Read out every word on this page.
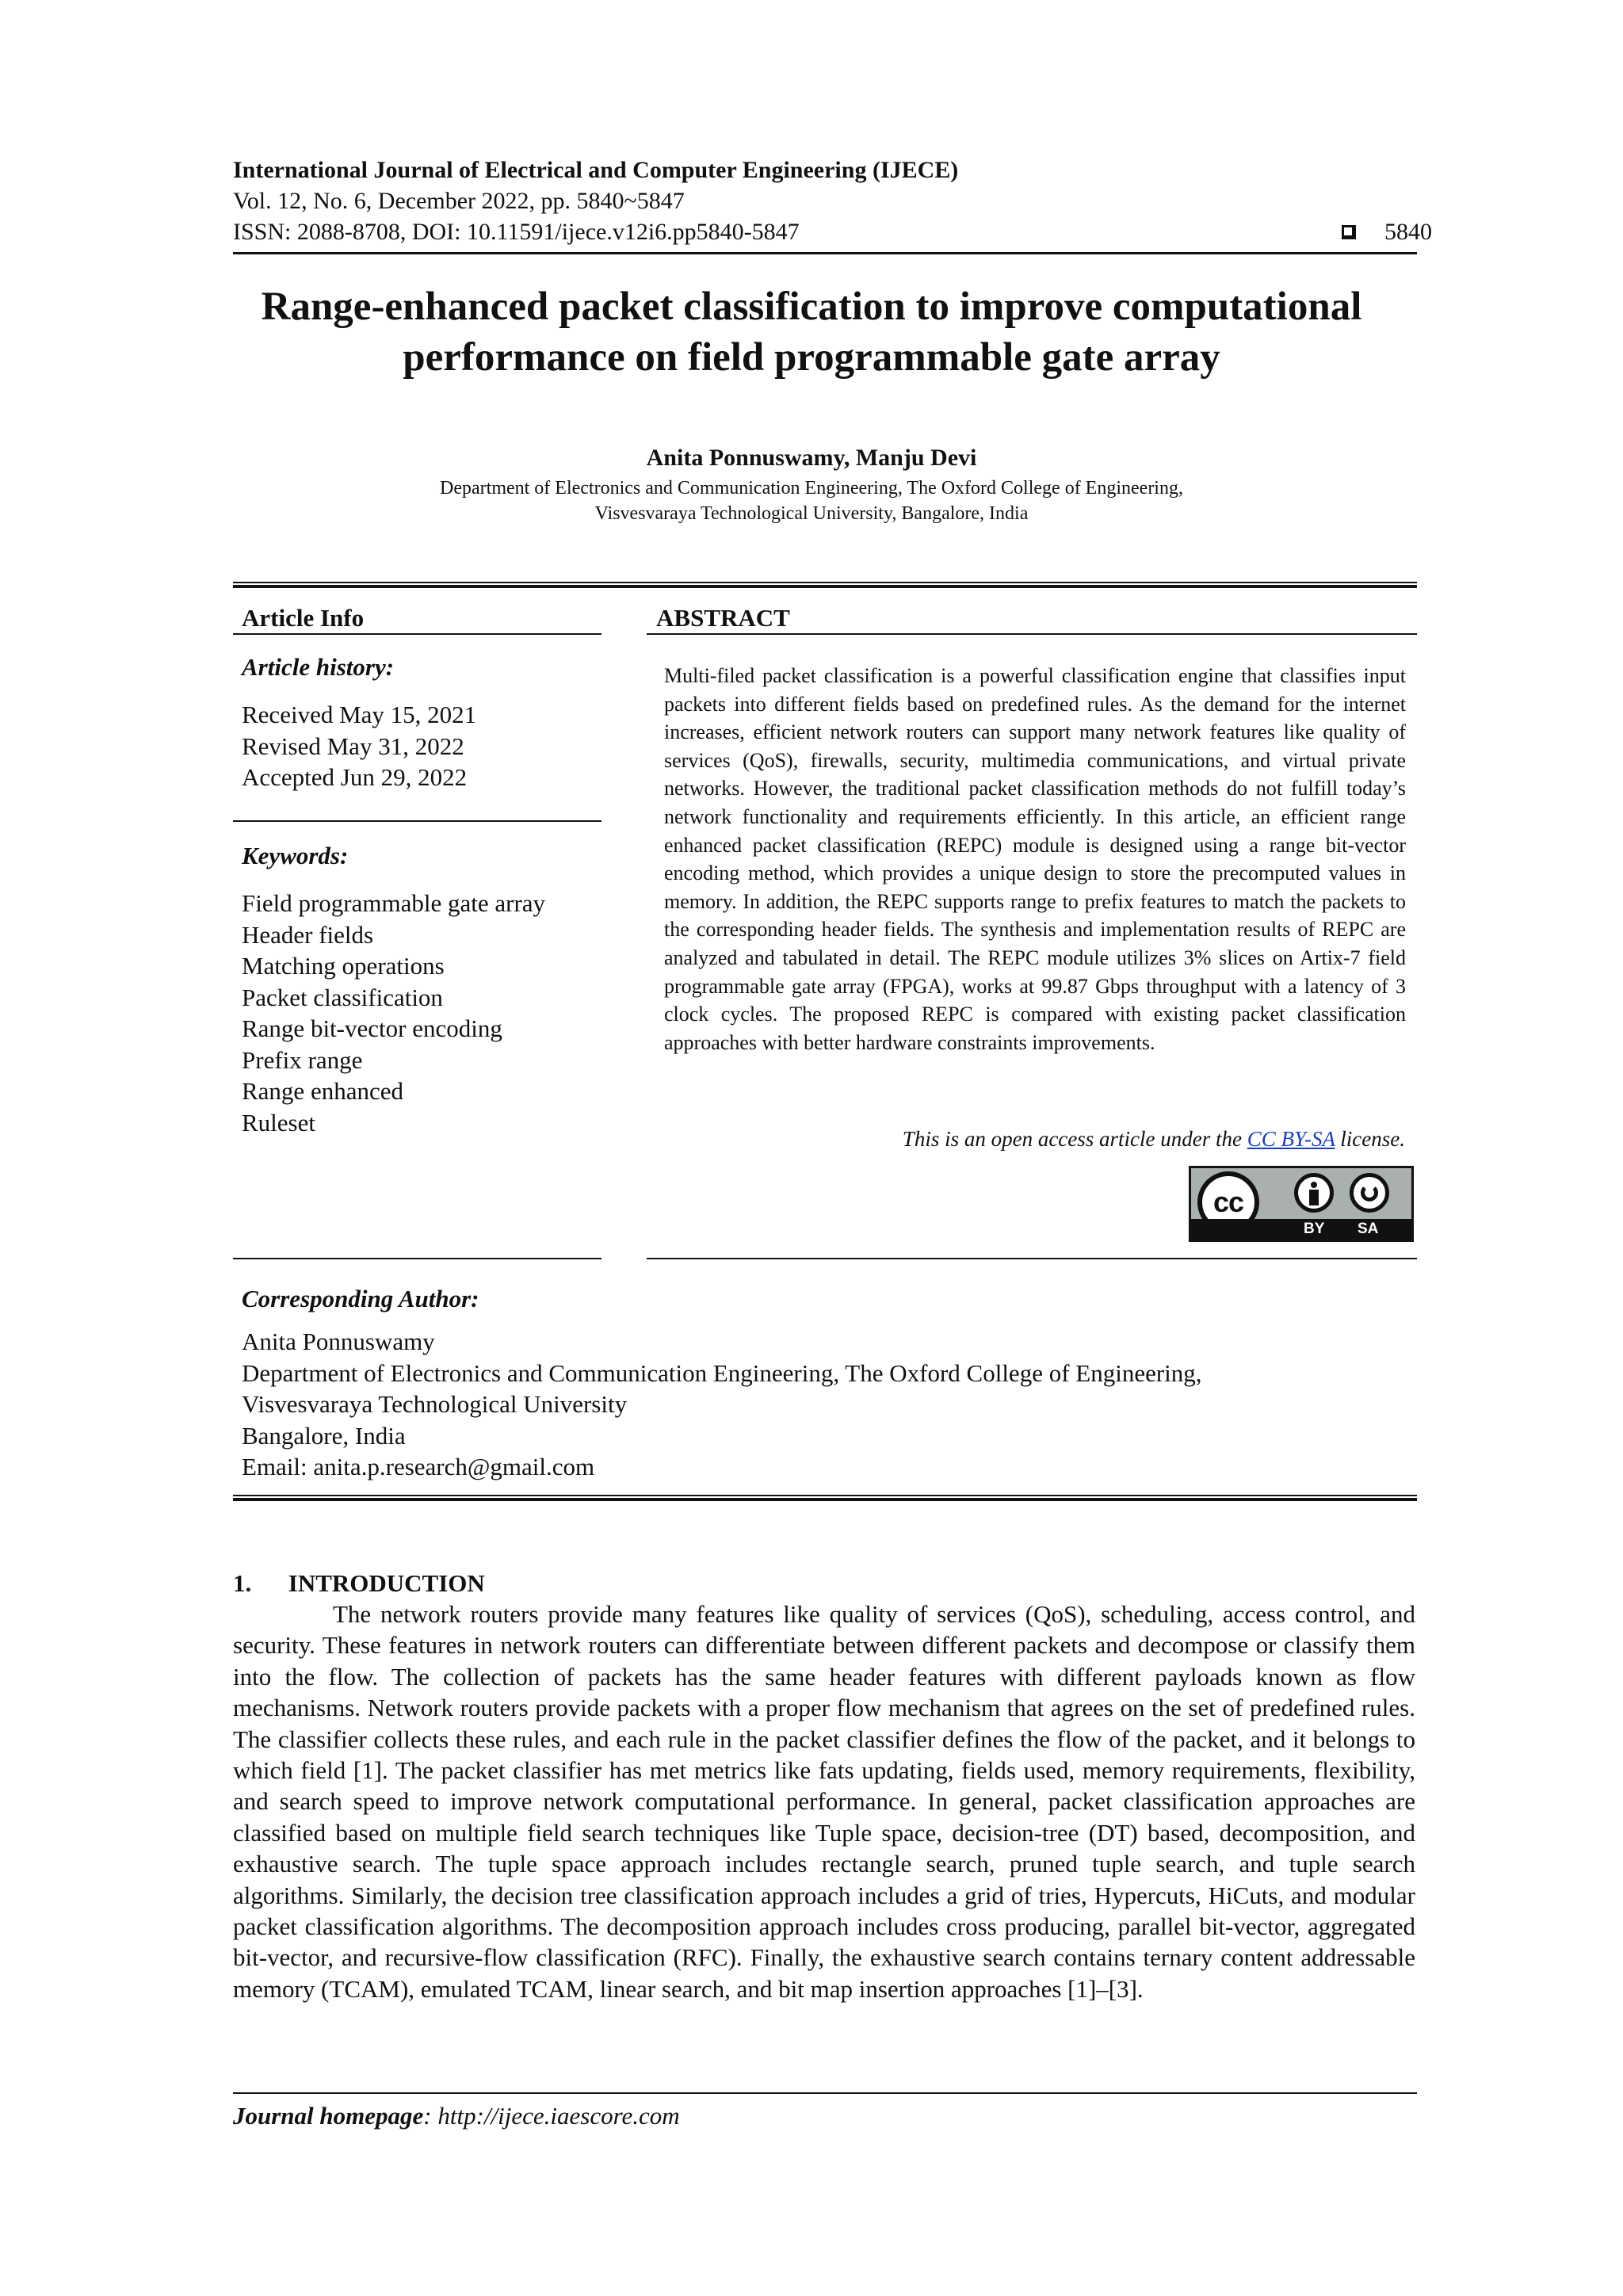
International Journal of Electrical and Computer Engineering (IJECE)
Vol. 12, No. 6, December 2022, pp. 5840~5847
ISSN: 2088-8708, DOI: 10.11591/ijece.v12i6.pp5840-5847	5840
Range-enhanced packet classification to improve computational performance on field programmable gate array
Anita Ponnuswamy, Manju Devi
Department of Electronics and Communication Engineering, The Oxford College of Engineering,
Visvesvaraya Technological University, Bangalore, India
Article Info
Article history:
Received May 15, 2021
Revised May 31, 2022
Accepted Jun 29, 2022
Keywords:
Field programmable gate array
Header fields
Matching operations
Packet classification
Range bit-vector encoding
Prefix range
Range enhanced
Ruleset
ABSTRACT
Multi-filed packet classification is a powerful classification engine that classifies input packets into different fields based on predefined rules. As the demand for the internet increases, efficient network routers can support many network features like quality of services (QoS), firewalls, security, multimedia communications, and virtual private networks. However, the traditional packet classification methods do not fulfill today’s network functionality and requirements efficiently. In this article, an efficient range enhanced packet classification (REPC) module is designed using a range bit-vector encoding method, which provides a unique design to store the precomputed values in memory. In addition, the REPC supports range to prefix features to match the packets to the corresponding header fields. The synthesis and implementation results of REPC are analyzed and tabulated in detail. The REPC module utilizes 3% slices on Artix-7 field programmable gate array (FPGA), works at 99.87 Gbps throughput with a latency of 3 clock cycles. The proposed REPC is compared with existing packet classification approaches with better hardware constraints improvements.
This is an open access article under the CC BY-SA license.
cc
BY SA
Corresponding Author:
Anita Ponnuswamy
Department of Electronics and Communication Engineering, The Oxford College of Engineering,
Visvesvaraya Technological University
Bangalore, India
Email: anita.p.research@gmail.com
1.      INTRODUCTION
The network routers provide many features like quality of services (QoS), scheduling, access control, and security. These features in network routers can differentiate between different packets and decompose or classify them into the flow. The collection of packets has the same header features with different payloads known as flow mechanisms. Network routers provide packets with a proper flow mechanism that agrees on the set of predefined rules. The classifier collects these rules, and each rule in the packet classifier defines the flow of the packet, and it belongs to which field [1]. The packet classifier has met metrics like fats updating, fields used, memory requirements, flexibility, and search speed to improve network computational performance. In general, packet classification approaches are classified based on multiple field search techniques like Tuple space, decision-tree (DT) based, decomposition, and exhaustive search. The tuple space approach includes rectangle search, pruned tuple search, and tuple search algorithms. Similarly, the decision tree classification approach includes a grid of tries, Hypercuts, HiCuts, and modular packet classification algorithms. The decomposition approach includes cross producing, parallel bit-vector, aggregated bit-vector, and recursive-flow classification (RFC). Finally, the exhaustive search contains ternary content addressable memory (TCAM), emulated TCAM, linear search, and bit map insertion approaches [1]–[3].
Journal homepage: http://ijece.iaescore.com
